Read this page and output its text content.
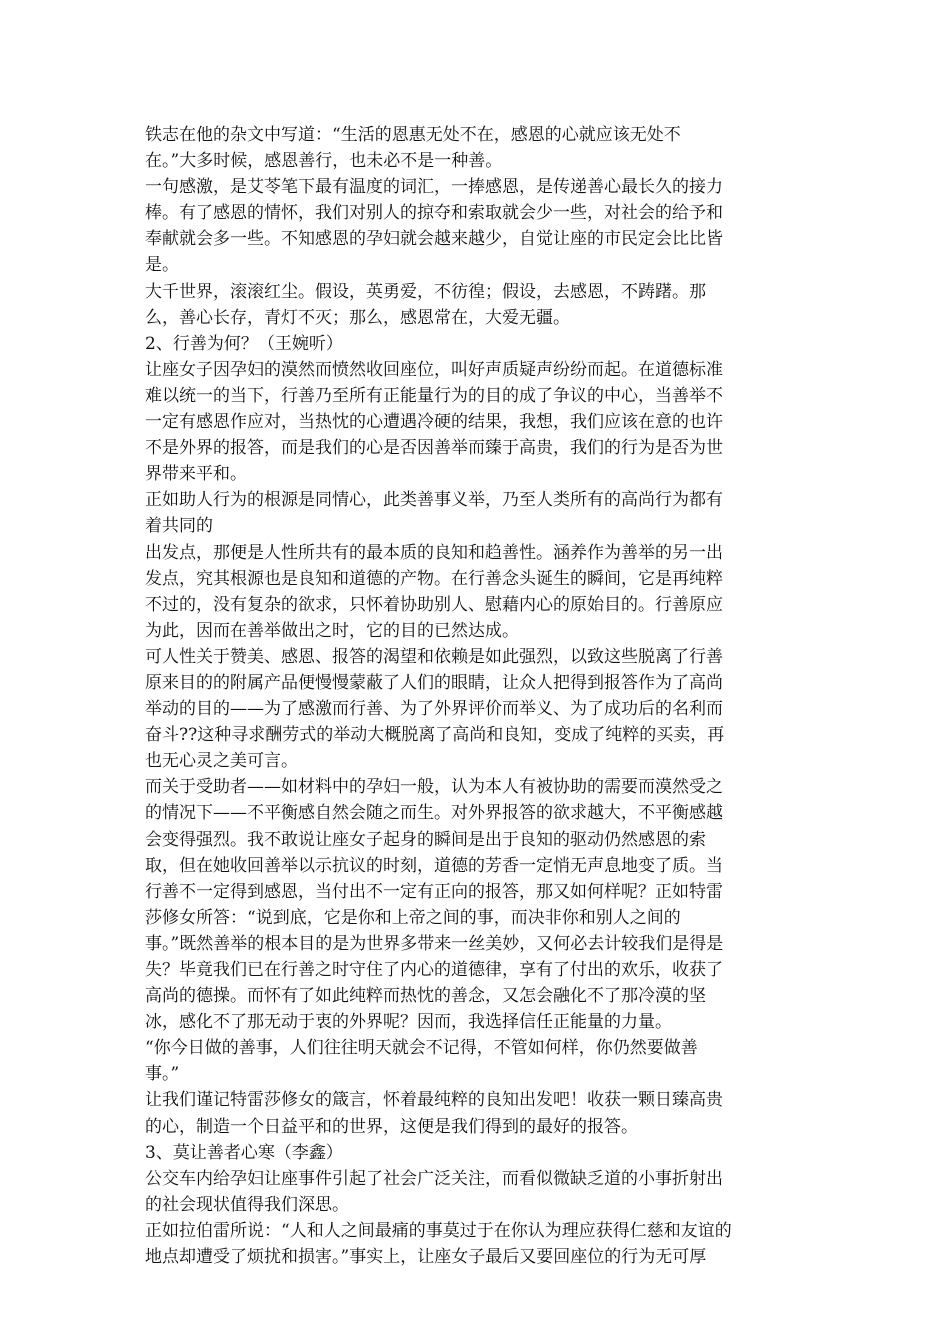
铁志在他的杂文中写道：“生活的恩惠无处不在，感恩的心就应该无处不
在。”大多时候，感恩善行，也未必不是一种善。
一句感激，是艾苓笔下最有温度的词汇，一捧感恩，是传递善心最长久的接力
棒。有了感恩的情怀，我们对别人的掠夺和索取就会少一些，对社会的给予和
奉献就会多一些。不知感恩的孕妇就会越来越少，自觉让座的市民定会比比皆
是。
大千世界，滚滚红尘。假设，英勇爱，不彷徨；假设，去感恩，不踌躇。那
么，善心长存，青灯不灭；那么，感恩常在，大爱无疆。
2、行善为何？（王婉听）
让座女子因孕妇的漠然而愤然收回座位，叫好声质疑声纷纷而起。在道德标准
难以统一的当下，行善乃至所有正能量行为的目的成了争议的中心，当善举不
一定有感恩作应对，当热忱的心遭遇冷硬的结果，我想，我们应该在意的也许
不是外界的报答，而是我们的心是否因善举而臻于高贵，我们的行为是否为世
界带来平和。
正如助人行为的根源是同情心，此类善事义举，乃至人类所有的高尚行为都有
着共同的
出发点，那便是人性所共有的最本质的良知和趋善性。涵养作为善举的另一出
发点，究其根源也是良知和道德的产物。在行善念头诞生的瞬间，它是再纯粹
不过的，没有复杂的欲求，只怀着协助别人、慰藉内心的原始目的。行善原应
为此，因而在善举做出之时，它的目的已然达成。
可人性关于赞美、感恩、报答的渴望和依赖是如此强烈，以致这些脱离了行善
原来目的的附属产品便慢慢蒙蔽了人们的眼睛，让众人把得到报答作为了高尚
举动的目的——为了感激而行善、为了外界评价而举义、为了成功后的名利而
奋斗??这种寻求酬劳式的举动大概脱离了高尚和良知，变成了纯粹的买卖，再
也无心灵之美可言。
而关于受助者——如材料中的孕妇一般，认为本人有被协助的需要而漠然受之
的情况下——不平衡感自然会随之而生。对外界报答的欲求越大，不平衡感越
会变得强烈。我不敢说让座女子起身的瞬间是出于良知的驱动仍然感恩的索
取，但在她收回善举以示抗议的时刻，道德的芳香一定悄无声息地变了质。当
行善不一定得到感恩，当付出不一定有正向的报答，那又如何样呢？正如特雷
莎修女所答：“说到底，它是你和上帝之间的事，而决非你和别人之间的
事。”既然善举的根本目的是为世界多带来一丝美妙，又何必去计较我们是得是
失？毕竟我们已在行善之时守住了内心的道德律，享有了付出的欢乐，收获了
高尚的德操。而怀有了如此纯粹而热忱的善念，又怎会融化不了那冷漠的坚
冰，感化不了那无动于衷的外界呢？因而，我选择信任正能量的力量。
“你今日做的善事，人们往往明天就会不记得，不管如何样，你仍然要做善
事。”
让我们谨记特雷莎修女的箴言，怀着最纯粹的良知出发吧！收获一颗日臻高贵
的心，制造一个日益平和的世界，这便是我们得到的最好的报答。
3、莫让善者心寒（李鑫）
公交车内给孕妇让座事件引起了社会广泛关注，而看似微缺乏道的小事折射出
的社会现状值得我们深思。
正如拉伯雷所说：“人和人之间最痛的事莫过于在你认为理应获得仁慈和友谊的
地点却遭受了烦扰和损害。”事实上，让座女子最后又要回座位的行为无可厚
